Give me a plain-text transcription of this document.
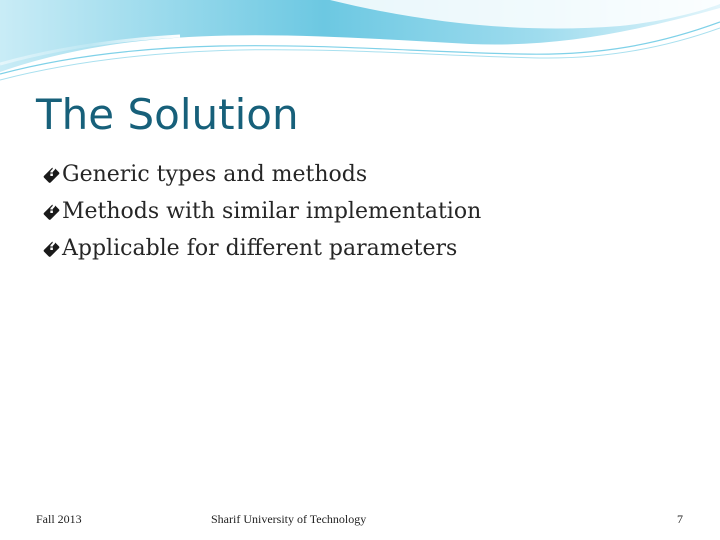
The Solution
?
Generic types and methods
?
Methods with similar implementation
?
Applicable for different parameters
Fall 2013	Sharif University of Technology	7
